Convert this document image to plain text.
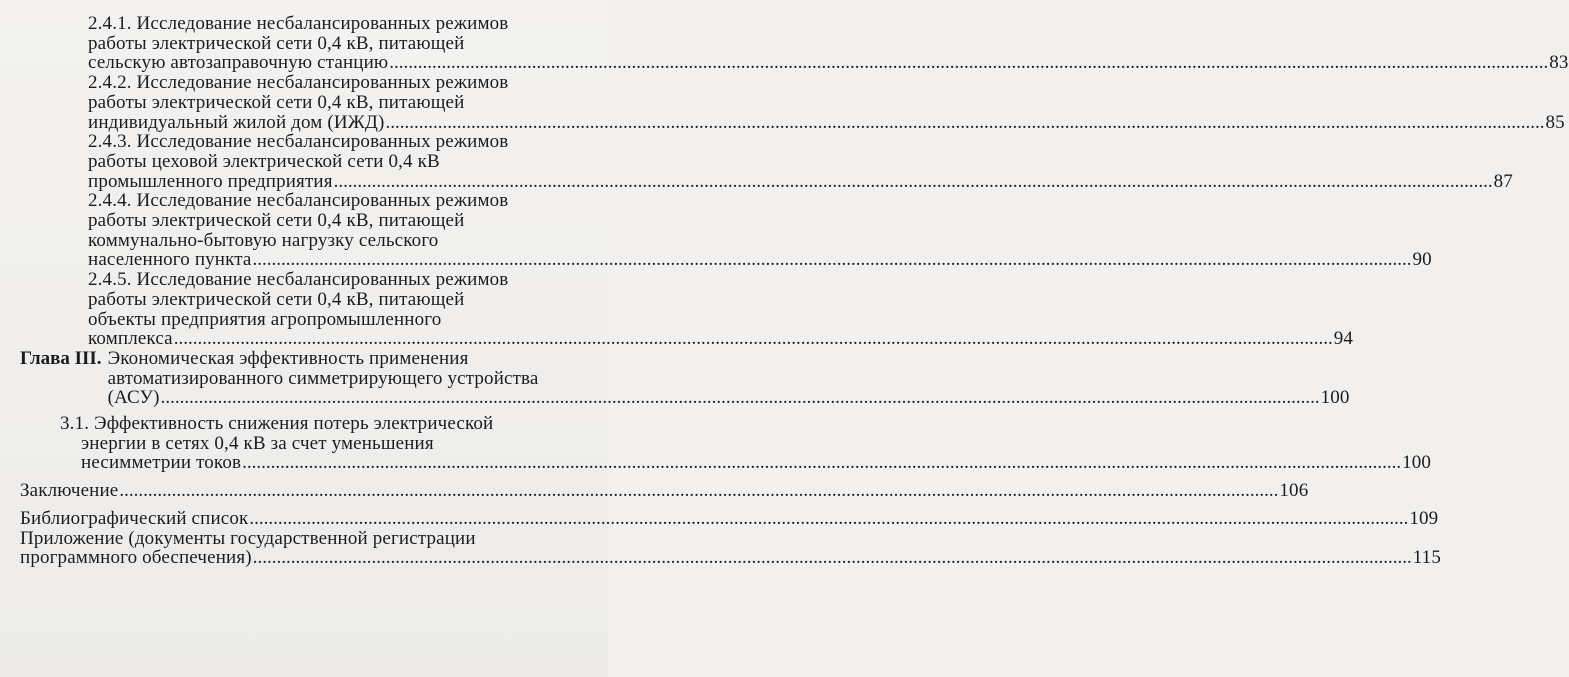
2.4.1. Исследование несбалансированных режимов
работы электрической сети 0,4 кВ, питающей
сельскую автозаправочную станцию .....	83
2.4.2. Исследование несбалансированных режимов
работы электрической сети 0,4 кВ, питающей
индивидуальный жилой дом (ИЖД) .....	85
2.4.3. Исследование несбалансированных режимов
работы цеховой электрической сети 0,4 кВ
промышленного предприятия .....	87
2.4.4. Исследование несбалансированных режимов
работы электрической сети 0,4 кВ, питающей
коммунально-бытовую нагрузку сельского
населенного пункта .....	90
2.4.5. Исследование несбалансированных режимов
работы электрической сети 0,4 кВ, питающей
объекты предприятия агропромышленного
комплекса .....	94
Глава III. Экономическая эффективность применения
автоматизированного симметрирующего устройства
(АСУ) .....	100
3.1. Эффективность снижения потерь электрической
энергии в сетях 0,4 кВ за счет уменьшения
несимметрии токов .....	100
Заключение .....	106
Библиографический список .....	109
Приложение (документы государственной регистрации
программного обеспечения) .....	115
